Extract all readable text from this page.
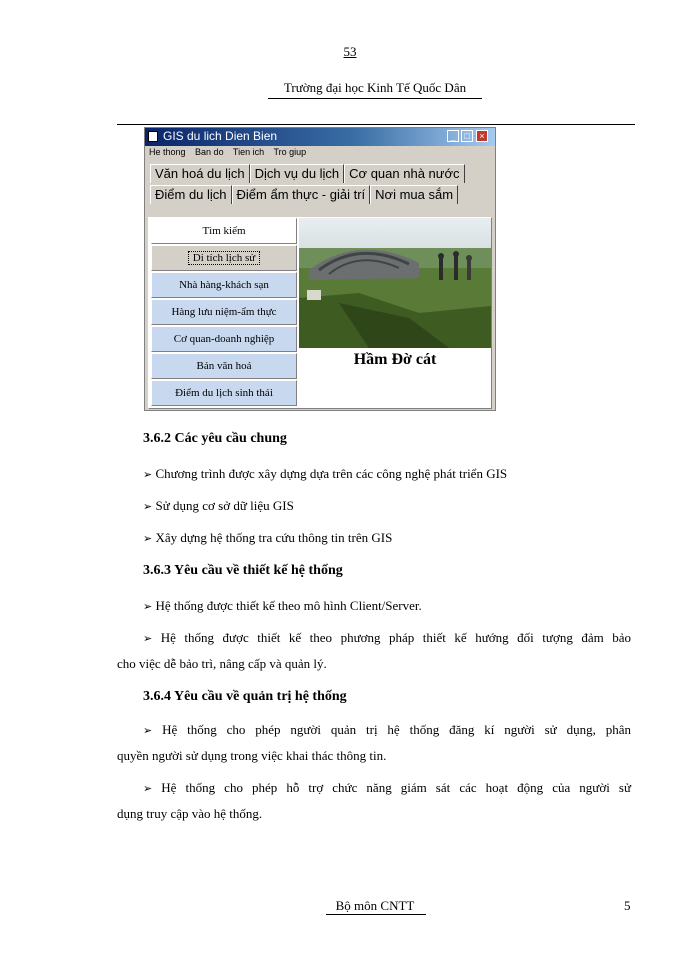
53
Trường đại học Kinh Tế Quốc Dân
GIS du lich Dien Bien	_ □	×
He thong Ban do Tien ich Tro giup
Văn hoá du lịch Dịch vụ du lịch Cơ quan nhà nước
Điểm du lịch Điểm ẩm thực - giải trí Nơi mua sắm
Tìm kiếm
Di tích lịch sử
Nhà hàng-khách sạn
Hàng lưu niệm-ẩm thực
Cơ quan-doanh nghiệp
Bản văn hoá
Điểm du lịch sinh thái
Hầm Đờ cát
3.6.2 Các yêu cầu chung
➢ Chương trình được xây dựng dựa trên các công nghệ phát triển GIS
➢ Sử dụng cơ sở dữ liệu GIS
➢ Xây dựng hệ thống tra cứu thông tin trên GIS
3.6.3 Yêu cầu về thiết kế hệ thống
➢ Hệ thống được thiết kế theo mô hình Client/Server.
➢ Hệ thống được thiết kế theo phương pháp thiết kế hướng đối tượng đảm bảo
cho việc dễ bảo trì, nâng cấp và quản lý.
3.6.4 Yêu cầu về quản trị hệ thống
➢ Hệ thống cho phép người quản trị hệ thống đăng kí người sử dụng, phân
quyền người sử dụng trong việc khai thác thông tin.
➢ Hệ thống cho phép hỗ trợ chức năng giám sát các hoạt động của người sử
dụng truy cập vào hệ thống.
Bộ môn CNTT	5
